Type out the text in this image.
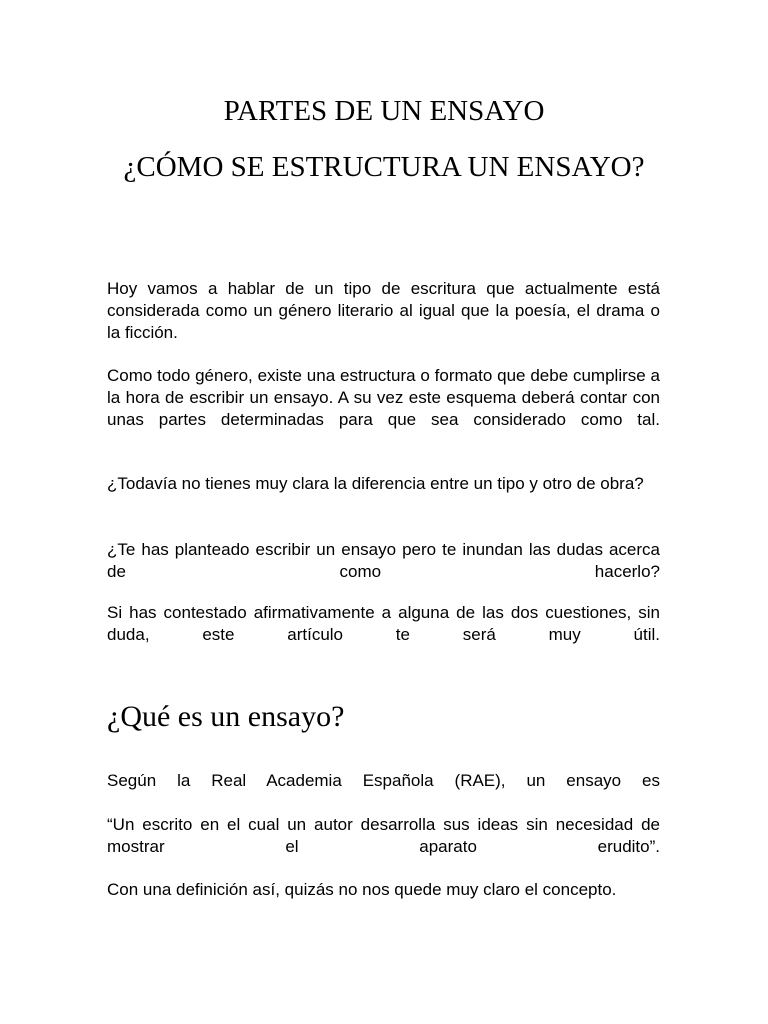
PARTES DE UN ENSAYO
¿CÓMO SE ESTRUCTURA UN ENSAYO?

Hoy vamos a hablar de un tipo de escritura que actualmente está considerada como un género literario al igual que la poesía, el drama o la ficción.

Como todo género, existe una estructura o formato que debe cumplirse a la hora de escribir un ensayo. A su vez este esquema deberá contar con unas partes determinadas para que sea considerado como tal.

¿Todavía no tienes muy clara la diferencia entre un tipo y otro de obra?

¿Te has planteado escribir un ensayo pero te inundan las dudas acerca de como hacerlo?

Si has contestado afirmativamente a alguna de las dos cuestiones, sin duda, este artículo te será muy útil.

¿Qué es un ensayo?

Según la Real Academia Española (RAE), un ensayo es

“Un escrito en el cual un autor desarrolla sus ideas sin necesidad de mostrar el aparato erudito”.

Con una definición así, quizás no nos quede muy claro el concepto.
